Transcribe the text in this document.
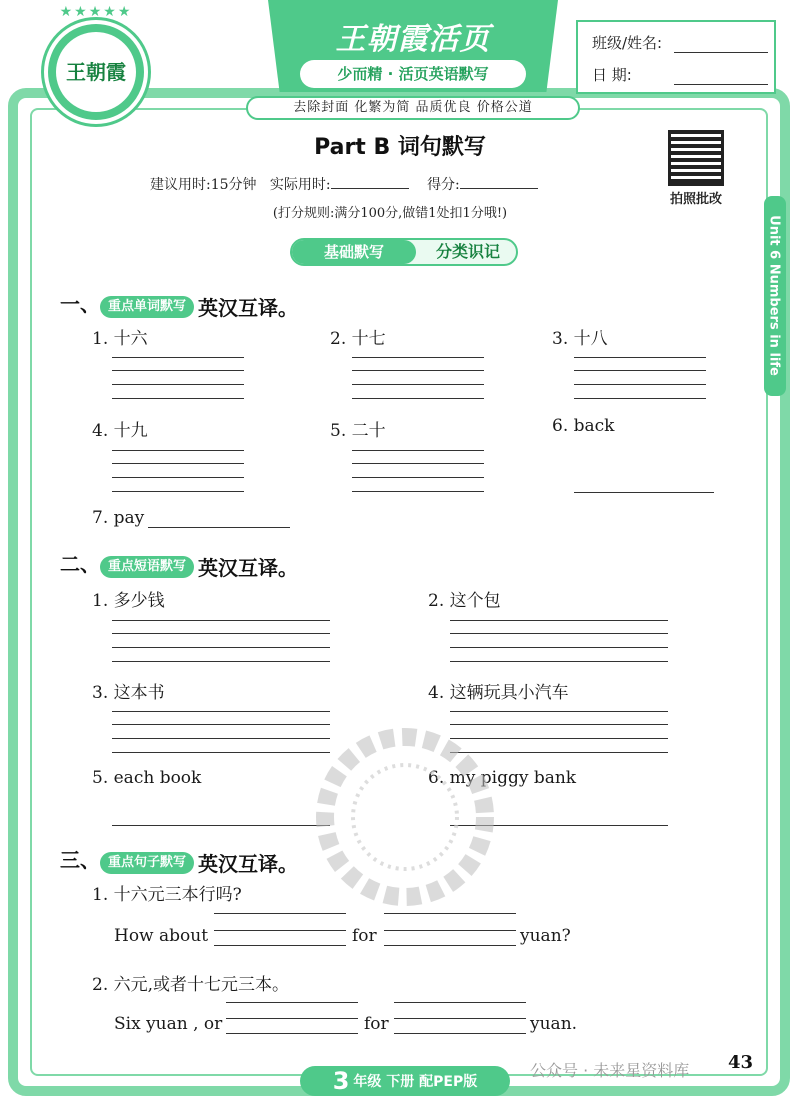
★★★★★
王朝霞
王朝霞活页
少而精 · 活页英语默写
去除封面 化繁为简 品质优良 价格公道
班级/姓名:
日 期:
Part B 词句默写
建议用时:15分钟 实际用时:	得分:
(打分规则:满分100分,做错1处扣1分哦!)
拍照批改
Unit 6 Numbers in life
基础默写	分类识记
一、 重点单词默写 英汉互译。
1. 十六	2. 十七	3. 十八
4. 十九	5. 二十	6. back
7. pay
二、 重点短语默写 英汉互译。
1. 多少钱	2. 这个包
3. 这本书	4. 这辆玩具小汽车
5. each book	6. my piggy bank
三、 重点句子默写 英汉互译。
1. 十六元三本行吗?
How about	for	yuan?
2. 六元,或者十七元三本。
Six yuan , or	for	yuan.
公众号 · 未来星资料库
3 年级 下册 配PEP版
43
